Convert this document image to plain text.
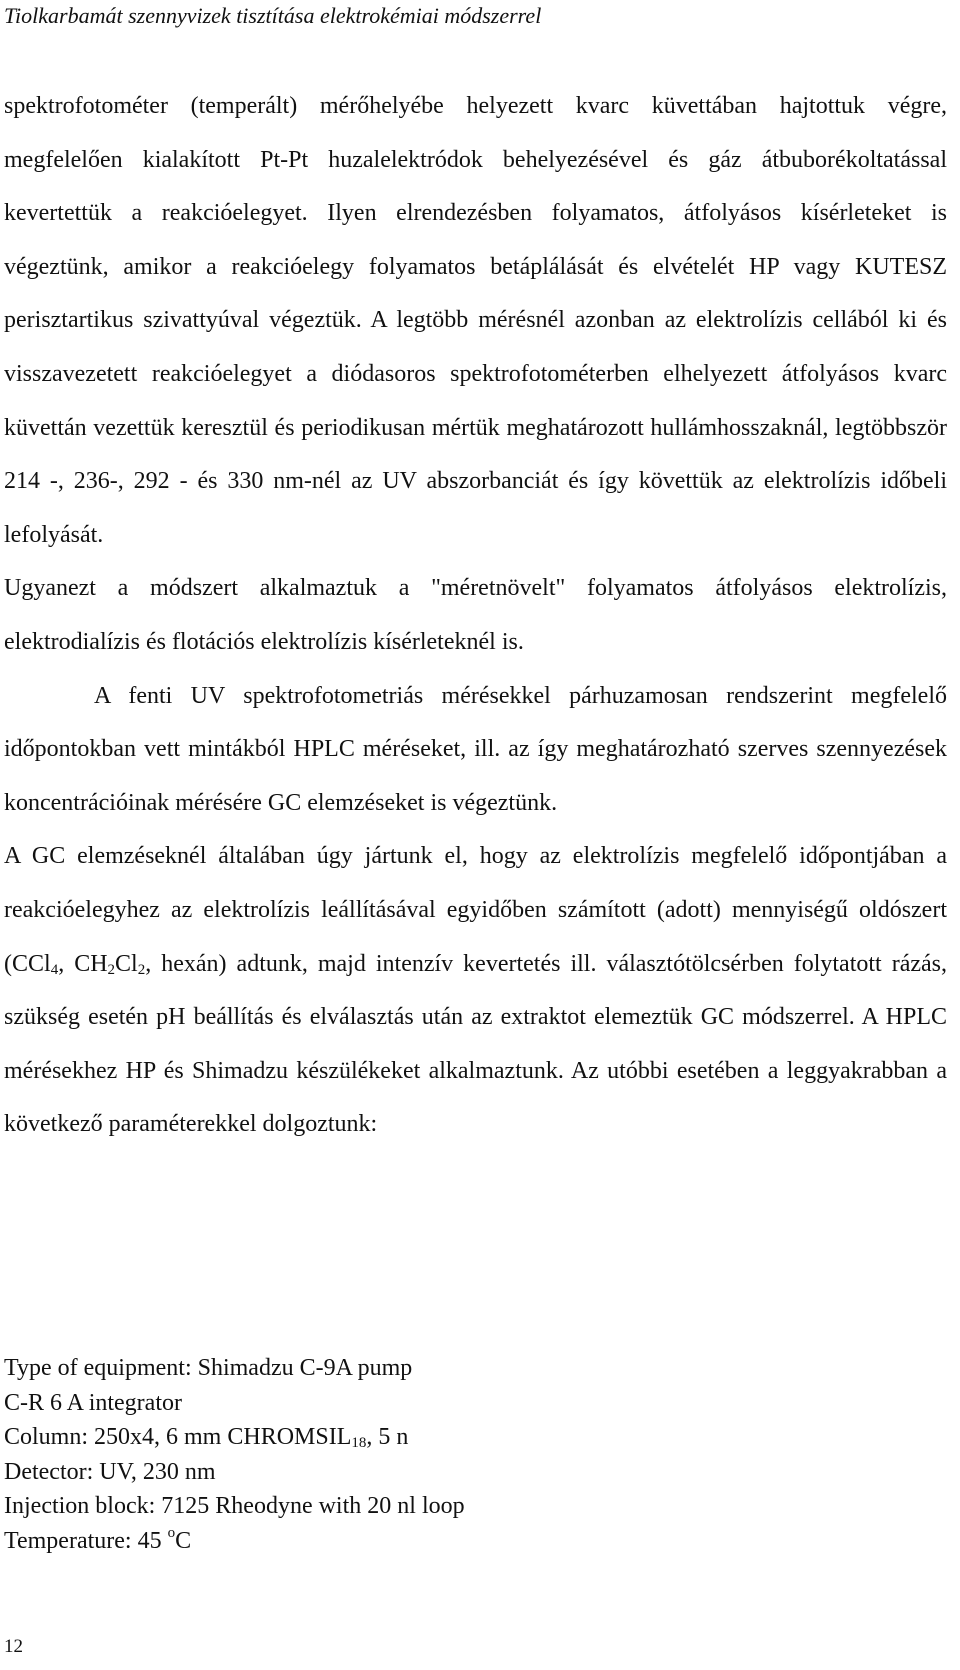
Tiolkarbamát szennyvizek tisztítása elektrokémiai módszerrel

spektrofotométer (temperált) mérőhelyébe helyezett kvarc küvettában hajtottuk végre, megfelelően kialakított Pt-Pt huzalelektródok behelyezésével és gáz átbuborékoltatással kevertettük a reakcióelegyet. Ilyen elrendezésben folyamatos, átfolyásos kísérleteket is végeztünk, amikor a reakcióelegy folyamatos betáplálását és elvételét HP vagy KUTESZ perisztartikus szivattyúval végeztük. A legtöbb mérésnél azonban az elektrolízis cellából ki és visszavezetett reakcióelegyet a diódasoros spektrofotométerben elhelyezett átfolyásos kvarc küvettán vezettük keresztül és periodikusan mértük meghatározott hullámhosszaknál, legtöbbször 214 -, 236-, 292 - és 330 nm-nél az UV abszorbanciát és így követtük az elektrolízis időbeli lefolyását.

Ugyanezt a módszert alkalmaztuk a "méretnövelt" folyamatos átfolyásos elektrolízis, elektrodialízis és flotációs elektrolízis kísérleteknél is.

A fenti UV spektrofotometriás mérésekkel párhuzamosan rendszerint megfelelő időpontokban vett mintákból HPLC méréseket, ill. az így meghatározható szerves szennyezések koncentrációinak mérésére GC elemzéseket is végeztünk.

A GC elemzéseknél általában úgy jártunk el, hogy az elektrolízis megfelelő időpontjában a reakcióelegyhez az elektrolízis leállításával egyidőben számított (adott) mennyiségű oldószert (CCl$_4$, $CH_2Cl_2$, hexán) adtunk, majd intenzív kevertetés ill. választótölcsérben folytatott rázás, szükség esetén pH beállítás és elválasztás után az extraktot elemeztük GC módszerrel. A HPLC mérésekhez HP és Shimadzu készülékeket alkalmaztunk. Az utóbbi esetében a leggyakrabban a következő paraméterekkel dolgoztunk:

Type of equipment: Shimadzu C-9A pump
C-R 6 A integrator
Column: 250x4, 6 mm $CHROMSIL_{18}$, 5 n
Detector: UV, 230 nm
Injection block: 7125 Rheodyne with 20 nl loop
Temperature: 45 $^o$C
12
